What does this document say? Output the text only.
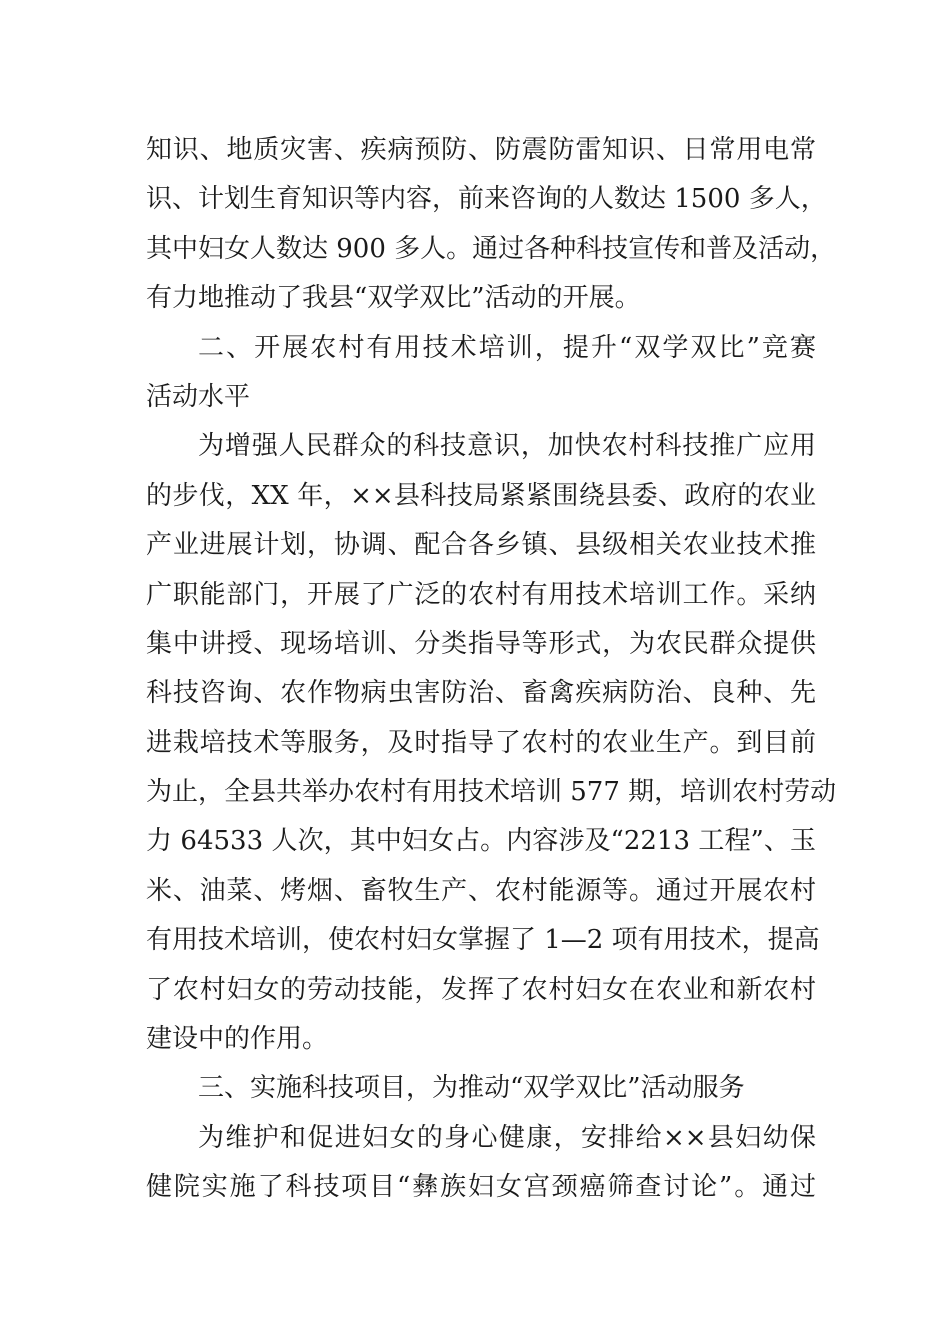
知识、地质灾害、疾病预防、防震防雷知识、日常用电常
识、计划生育知识等内容，前来咨询的人数达 1500 多人，
其中妇女人数达 900 多人。通过各种科技宣传和普及活动，
有力地推动了我县“双学双比”活动的开展。
二、开展农村有用技术培训，提升“双学双比”竞赛
活动水平
为增强人民群众的科技意识，加快农村科技推广应用
的步伐，XX 年，××县科技局紧紧围绕县委、政府的农业
产业进展计划，协调、配合各乡镇、县级相关农业技术推
广职能部门，开展了广泛的农村有用技术培训工作。采纳
集中讲授、现场培训、分类指导等形式，为农民群众提供
科技咨询、农作物病虫害防治、畜禽疾病防治、良种、先
进栽培技术等服务，及时指导了农村的农业生产。到目前
为止，全县共举办农村有用技术培训 577 期，培训农村劳动
力 64533 人次，其中妇女占。内容涉及“2213 工程”、玉
米、油菜、烤烟、畜牧生产、农村能源等。通过开展农村
有用技术培训，使农村妇女掌握了 1—2 项有用技术，提高
了农村妇女的劳动技能，发挥了农村妇女在农业和新农村
建设中的作用。
三、实施科技项目，为推动“双学双比”活动服务
为维护和促进妇女的身心健康，安排给××县妇幼保
健院实施了科技项目“彝族妇女宫颈癌筛查讨论”。通过
